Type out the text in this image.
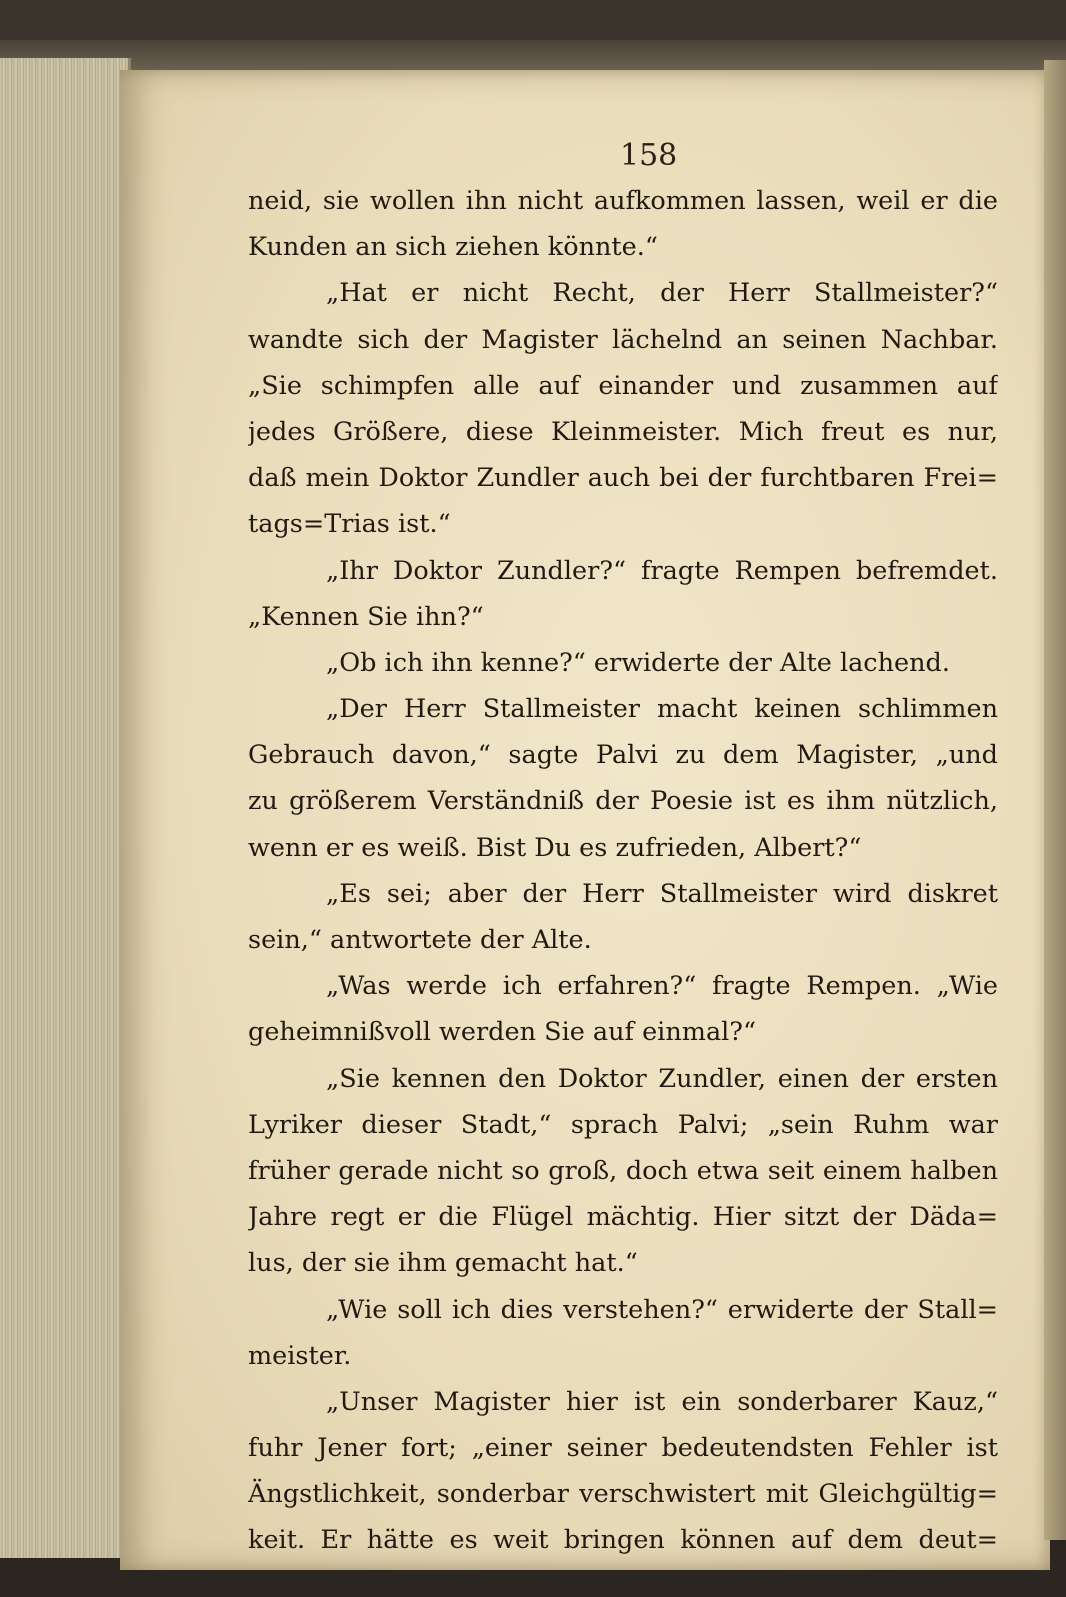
158
neid, sie wollen ihn nicht aufkommen lassen, weil er die
Kunden an sich ziehen könnte.“
„Hat er nicht Recht, der Herr Stallmeister?“
wandte sich der Magister lächelnd an seinen Nachbar.
„Sie schimpfen alle auf einander und zusammen auf
jedes Größere, diese Kleinmeister. Mich freut es nur,
daß mein Doktor Zundler auch bei der furchtbaren Frei=
tags=Trias ist.“
„Ihr Doktor Zundler?“ fragte Rempen befremdet.
„Kennen Sie ihn?“
„Ob ich ihn kenne?“ erwiderte der Alte lachend.
„Der Herr Stallmeister macht keinen schlimmen
Gebrauch davon,“ sagte Palvi zu dem Magister, „und
zu größerem Verständniß der Poesie ist es ihm nützlich,
wenn er es weiß. Bist Du es zufrieden, Albert?“
„Es sei; aber der Herr Stallmeister wird diskret
sein,“ antwortete der Alte.
„Was werde ich erfahren?“ fragte Rempen. „Wie
geheimnißvoll werden Sie auf einmal?“
„Sie kennen den Doktor Zundler, einen der ersten
Lyriker dieser Stadt,“ sprach Palvi; „sein Ruhm war
früher gerade nicht so groß, doch etwa seit einem halben
Jahre regt er die Flügel mächtig. Hier sitzt der Däda=
lus, der sie ihm gemacht hat.“
„Wie soll ich dies verstehen?“ erwiderte der Stall=
meister.
„Unser Magister hier ist ein sonderbarer Kauz,“
fuhr Jener fort; „einer seiner bedeutendsten Fehler ist
Ängstlichkeit, sonderbar verschwistert mit Gleichgültig=
keit. Er hätte es weit bringen können auf dem deut=
